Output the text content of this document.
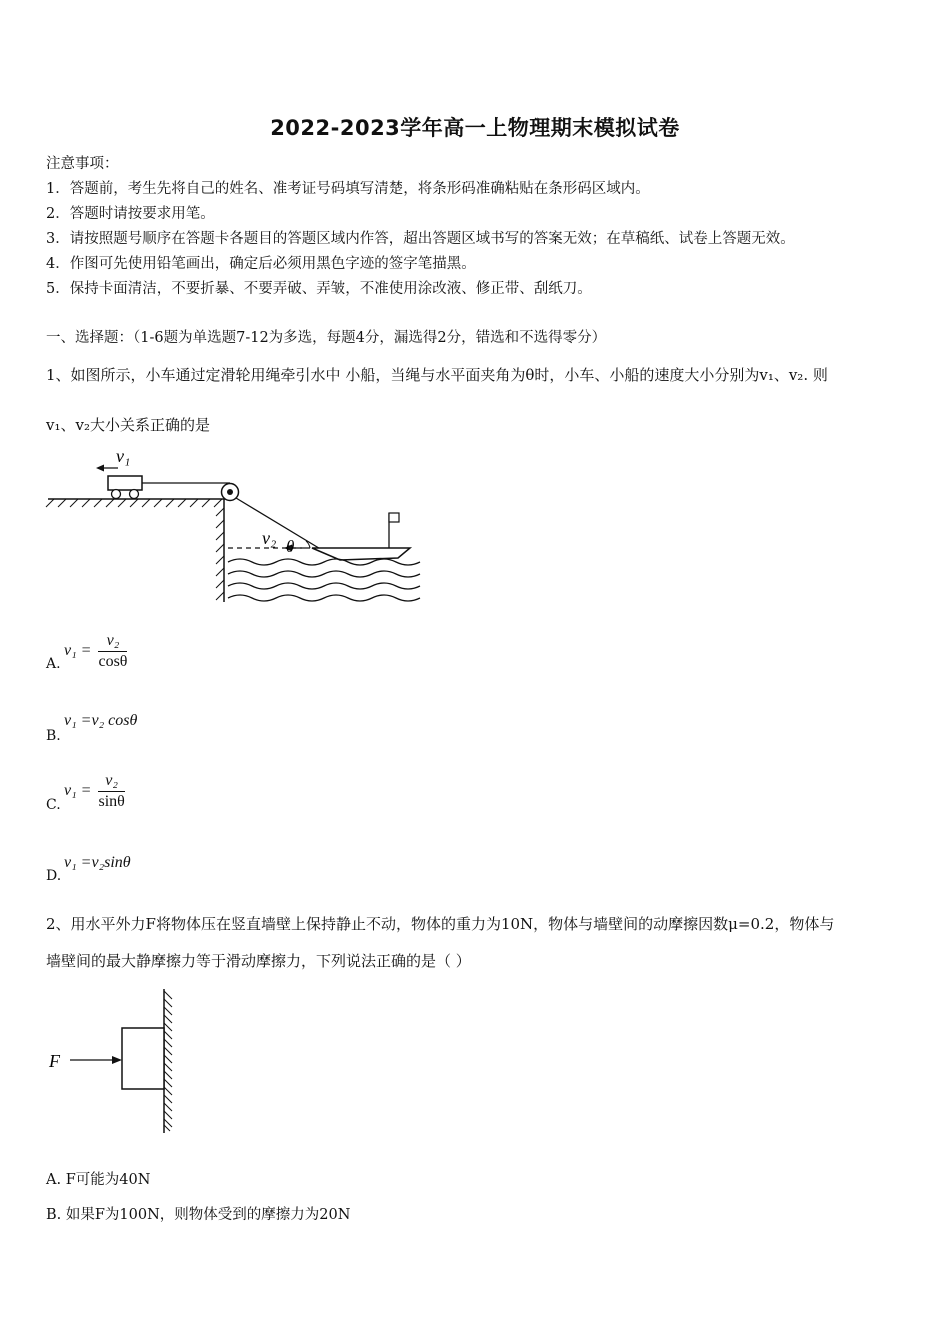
2022-2023学年高一上物理期末模拟试卷
注意事项：
1．答题前，考生先将自己的姓名、准考证号码填写清楚，将条形码准确粘贴在条形码区域内。
2．答题时请按要求用笔。
3．请按照题号顺序在答题卡各题目的答题区域内作答，超出答题区域书写的答案无效；在草稿纸、试卷上答题无效。
4．作图可先使用铅笔画出，确定后必须用黑色字迹的签字笔描黑。
5．保持卡面清洁，不要折暴、不要弄破、弄皱，不准使用涂改液、修正带、刮纸刀。
一、选择题：（1-6题为单选题7-12为多选，每题4分，漏选得2分，错选和不选得零分）
1、如图所示，小车通过定滑轮用绳牵引水中 小船，当绳与水平面夹角为θ时，小车、小船的速度大小分别为v₁、v₂. 则
v₁、v₂大小关系正确的是
v₁
v₂ θ
A.
$v_1 = \frac{\text{v₂}}{\cos\theta}$
B.
v₁ =v₂ cosθ
C.
$v_1 = \frac{\text{v₂}}{\sin\theta}$
D.
v₁ =v₂sinθ
2、用水平外力F将物体压在竖直墙壁上保持静止不动，物体的重力为10N，物体与墙壁间的动摩擦因数μ=0.2，物体与
墙壁间的最大静摩擦力等于滑动摩擦力，下列说法正确的是（ ）
F
A. F可能为40N
B. 如果F为100N，则物体受到的摩擦力为20N
